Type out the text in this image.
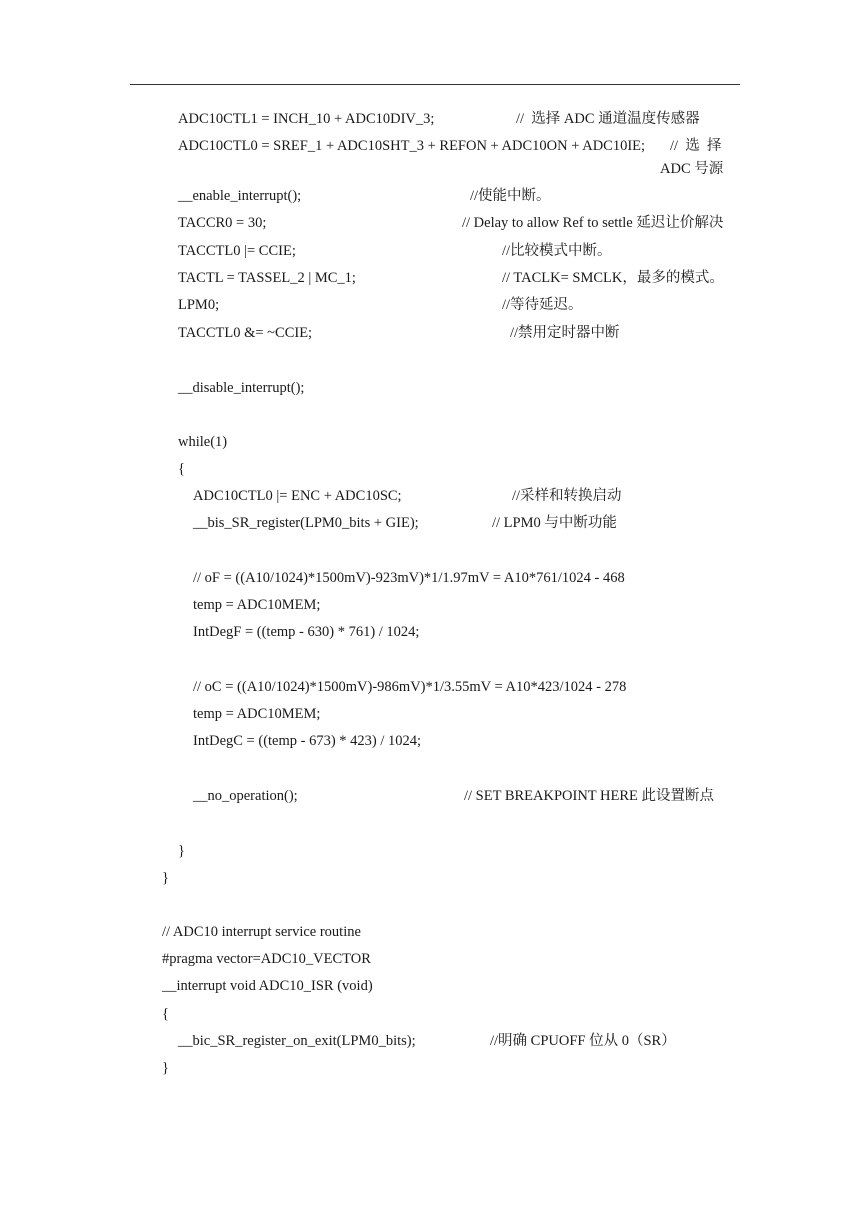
ADC10CTL1 = INCH_10 + ADC10DIV_3;	//  选择 ADC 通道温度传感器
ADC10CTL0 = SREF_1 + ADC10SHT_3 + REFON + ADC10ON + ADC10IE; //  选  择
ADC 号源
__enable_interrupt();	//使能中断。
TACCR0 = 30;	// Delay to allow Ref to settle 延迟让价解决
TACCTL0 |= CCIE;	//比较模式中断。
TACTL = TASSEL_2 | MC_1;	// TACLK= SMCLK，最多的模式。
LPM0;	//等待延迟。
TACCTL0 &= ~CCIE;	//禁用定时器中断
__disable_interrupt();
while(1)
{
ADC10CTL0 |= ENC + ADC10SC;	//采样和转换启动
__bis_SR_register(LPM0_bits + GIE);	// LPM0 与中断功能
// oF = ((A10/1024)*1500mV)-923mV)*1/1.97mV = A10*761/1024 - 468
temp = ADC10MEM;
IntDegF = ((temp - 630) * 761) / 1024;
// oC = ((A10/1024)*1500mV)-986mV)*1/3.55mV = A10*423/1024 - 278
temp = ADC10MEM;
IntDegC = ((temp - 673) * 423) / 1024;
__no_operation();	// SET BREAKPOINT HERE 此设置断点
}
}
// ADC10 interrupt service routine
#pragma vector=ADC10_VECTOR
__interrupt void ADC10_ISR (void)
{
__bic_SR_register_on_exit(LPM0_bits);	//明确 CPUOFF 位从 0（SR）
}
